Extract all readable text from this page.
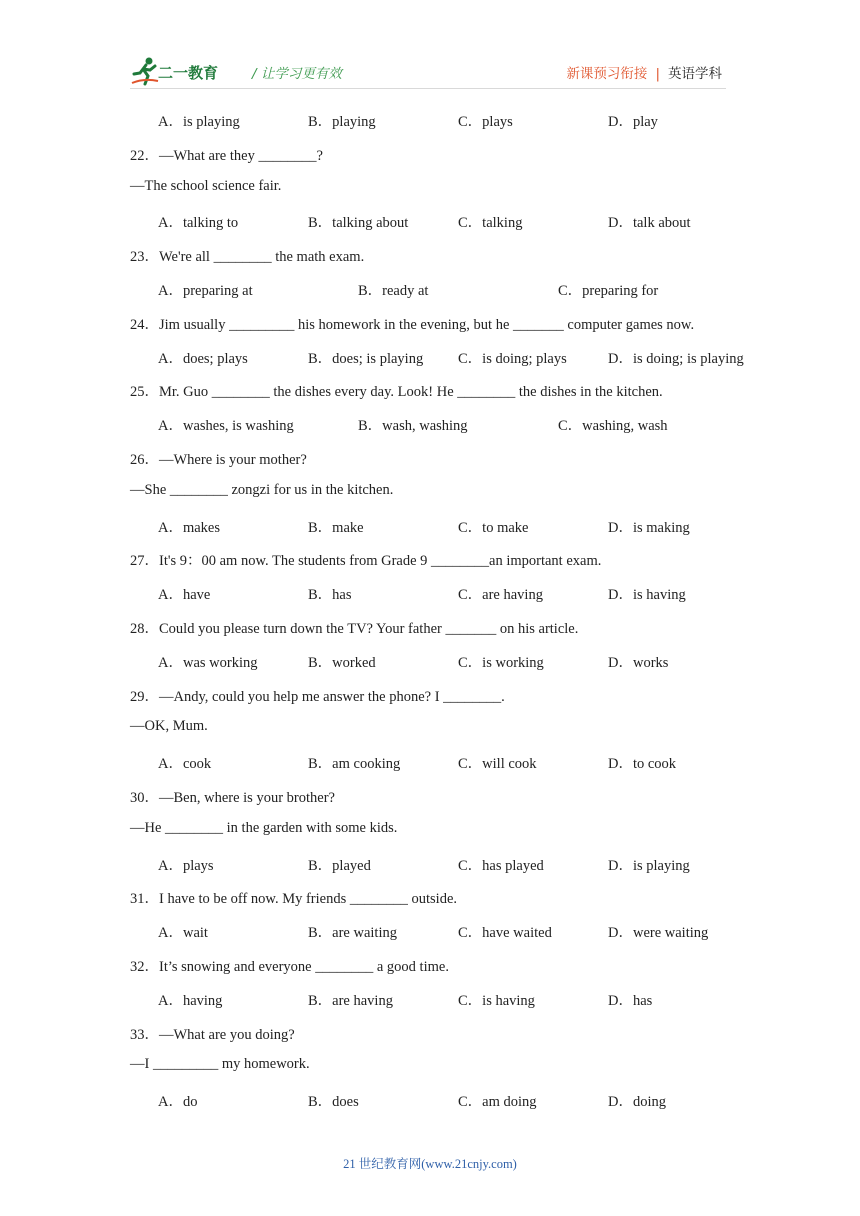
二一教育	/ 让学习更有效	新课预习衔接 | 英语学科
A．is playing	B．playing	C．plays	D．play
22．—What are they ________?
—The school science fair.
A．talking to	B．talking about	C．talking	D．talk about
23．We're all ________ the math exam.
A．preparing at	B．ready at	C．preparing for
24．Jim usually _________ his homework in the evening, but he _______ computer games now.
A．does; plays	B．does; is playing C．is doing; plays	D．is doing; is playing
25．Mr. Guo ________ the dishes every day. Look! He ________ the dishes in the kitchen.
A．washes, is washing	B．wash, washing	C．washing, wash
26．—Where is your mother?
—She ________ zongzi for us in the kitchen.
A．makes	B．make	C．to make	D．is making
27．It's 9：00 am now. The students from Grade 9 ________an important exam.
A．have	B．has	C．are having	D．is having
28．Could you please turn down the TV? Your father _______ on his article.
A．was working	B．worked	C．is working	D．works
29．—Andy, could you help me answer the phone? I ________.
—OK, Mum.
A．cook	B．am cooking	C．will cook	D．to cook
30．—Ben, where is your brother?
—He ________ in the garden with some kids.
A．plays	B．played	C．has played	D．is playing
31．I have to be off now. My friends ________ outside.
A．wait	B．are waiting	C．have waited	D．were waiting
32．It’s snowing and everyone ________ a good time.
A．having	B．are having	C．is having	D．has
33．—What are you doing?
—I _________ my homework.
A．do	B．does	C．am doing	D．doing
21 世纪教育网(www.21cnjy.com)
